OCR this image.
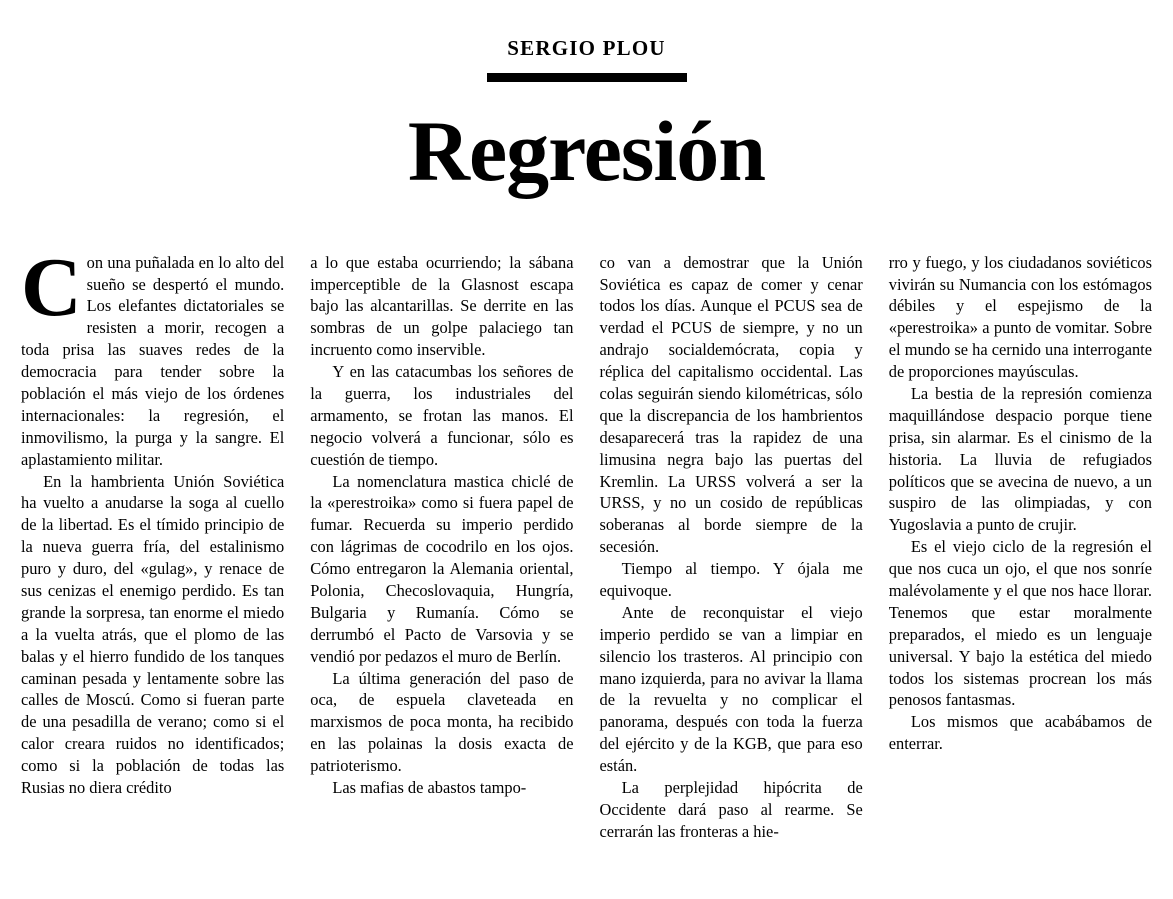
SERGIO PLOU
Regresión

Con una puñalada en lo alto del sueño se despertó el mundo. Los elefantes dictatoriales se resisten a morir, recogen a toda prisa las suaves redes de la democracia para tender sobre la población el más viejo de los órdenes internacionales: la regresión, el inmovilismo, la purga y la sangre. El aplastamiento militar.

En la hambrienta Unión Soviética ha vuelto a anudarse la soga al cuello de la libertad. Es el tímido principio de la nueva guerra fría, del estalinismo puro y duro, del «gulag», y renace de sus cenizas el enemigo perdido. Es tan grande la sorpresa, tan enorme el miedo a la vuelta atrás, que el plomo de las balas y el hierro fundido de los tanques caminan pesada y lentamente sobre las calles de Moscú. Como si fueran parte de una pesadilla de verano; como si el calor creara ruidos no identificados; como si la población de todas las Rusias no diera crédito

a lo que estaba ocurriendo; la sábana imperceptible de la Glasnost escapa bajo las alcantarillas. Se derrite en las sombras de un golpe palaciego tan incruento como inservible.

Y en las catacumbas los señores de la guerra, los industriales del armamento, se frotan las manos. El negocio volverá a funcionar, sólo es cuestión de tiempo.

La nomenclatura mastica chiclé de la «perestroika» como si fuera papel de fumar. Recuerda su imperio perdido con lágrimas de cocodrilo en los ojos. Cómo entregaron la Alemania oriental, Polonia, Checoslovaquia, Hungría, Bulgaria y Rumanía. Cómo se derrumbó el Pacto de Varsovia y se vendió por pedazos el muro de Berlín.

La última generación del paso de oca, de espuela claveteada en marxismos de poca monta, ha recibido en las polainas la dosis exacta de patrioterismo.

Las mafias de abastos tampo-

co van a demostrar que la Unión Soviética es capaz de comer y cenar todos los días. Aunque el PCUS sea de verdad el PCUS de siempre, y no un andrajo socialdemócrata, copia y réplica del capitalismo occidental. Las colas seguirán siendo kilométricas, sólo que la discrepancia de los hambrientos desaparecerá tras la rapidez de una limusina negra bajo las puertas del Kremlin. La URSS volverá a ser la URSS, y no un cosido de repúblicas soberanas al borde siempre de la secesión.

Tiempo al tiempo. Y ójala me equivoque.

Ante de reconquistar el viejo imperio perdido se van a limpiar en silencio los trasteros. Al principio con mano izquierda, para no avivar la llama de la revuelta y no complicar el panorama, después con toda la fuerza del ejército y de la KGB, que para eso están.

La perplejidad hipócrita de Occidente dará paso al rearme. Se cerrarán las fronteras a hie-

rro y fuego, y los ciudadanos soviéticos vivirán su Numancia con los estómagos débiles y el espejismo de la «perestroika» a punto de vomitar. Sobre el mundo se ha cernido una interrogante de proporciones mayúsculas.

La bestia de la represión comienza maquillándose despacio porque tiene prisa, sin alarmar. Es el cinismo de la historia. La lluvia de refugiados políticos que se avecina de nuevo, a un suspiro de las olimpiadas, y con Yugoslavia a punto de crujir.

Es el viejo ciclo de la regresión el que nos cuca un ojo, el que nos sonríe malévolamente y el que nos hace llorar. Tenemos que estar moralmente preparados, el miedo es un lenguaje universal. Y bajo la estética del miedo todos los sistemas procrean los más penosos fantasmas.

Los mismos que acabábamos de enterrar.
